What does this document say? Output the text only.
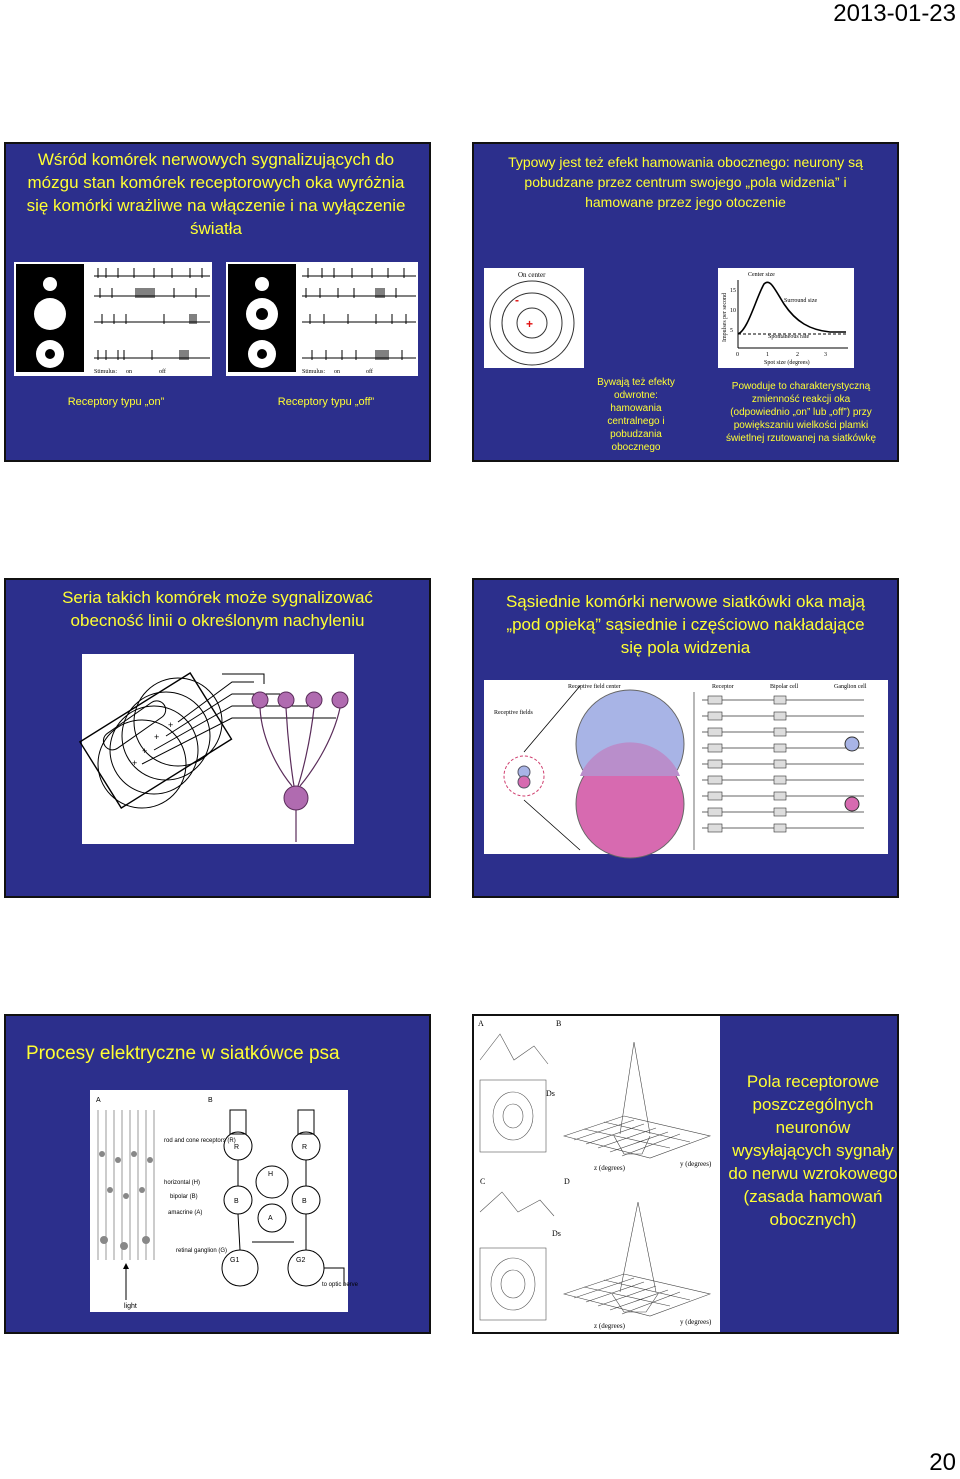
2013-01-23
Wśród komórek nerwowych sygnalizujących do mózgu stan komórek receptorowych oka wyróżnia się komórki wrażliwe na włączenie i na wyłączenie światła
Stimulus: on	off	Stimulus: on	off
Receptory typu „on”	Receptory typu „off”
Typowy jest też efekt hamowania obocznego: neurony są pobudzane przez centrum swojego „pola widzenia” i hamowane przez jego otoczenie
On center
-
+
Center size
Surround size
Spontaneous rate
Spot size (degrees)
Impulses per second
15
10
5
0	1	2	3
Bywają też efekty odwrotne: hamowania centralnego i pobudzania obocznego
Powoduje to charakterystyczną zmienność reakcji oka (odpowiednio „on” lub „off”) przy powiększaniu wielkości plamki świetlnej rzutowanej na siatkówkę
Seria takich komórek może sygnalizować obecność linii o określonym nachyleniu
+
+
+
+
Sąsiednie komórki nerwowe siatkówki oka mają „pod opieką” sąsiednie i częściowo nakładające się pola widzenia
Receptive field center
Receptive fields
Receptor	Bipolar cell	Ganglion cell
Procesy elektryczne w siatkówce psa
A	B
rod and cone receptors (R)
horizontal (H)
bipolar (B)
amacrine (A)
retinal ganglion (G)
light
to optic nerve
R	R
H
B	B
A
G1	G2
A	B
C	D
Ds
Ds
z (degrees)	y (degrees)
z (degrees)	y (degrees)
Pola receptorowe poszczególnych neuronów wysyłających sygnały do nerwu wzrokowego (zasada hamowań obocznych)
20
